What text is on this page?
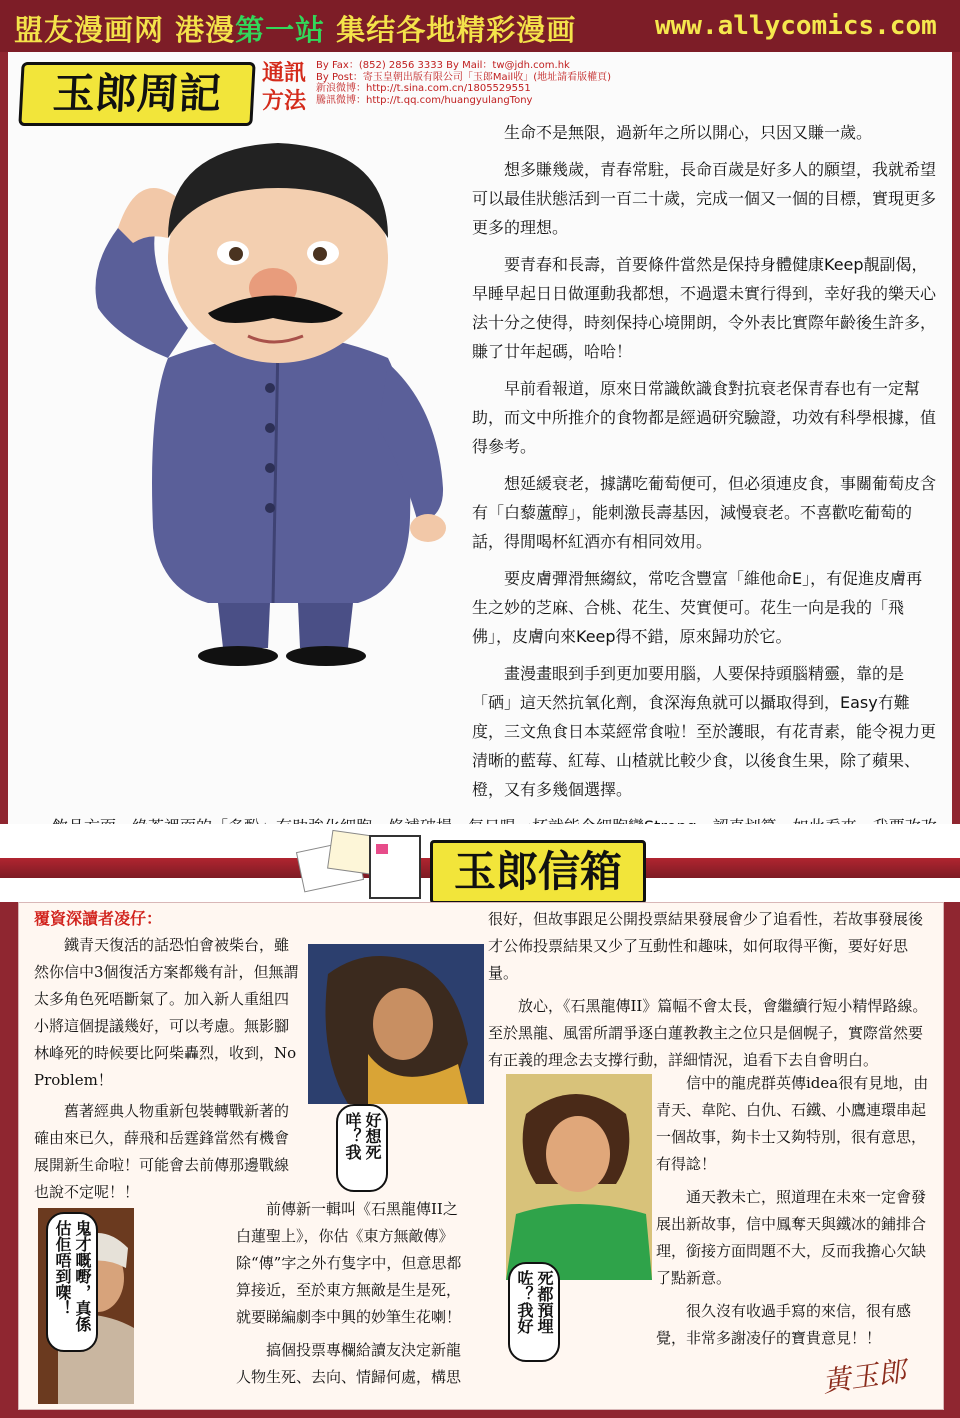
盟友漫画网 港漫第一站 集结各地精彩漫画	www.allycomics.com
玉郎周記	通訊方法
By Fax：(852) 2856 3333 By Mail：tw@jdh.com.hk
By Post：寄玉皇朝出版有限公司「玉郎Mail收」(地址請看版權頁)
新浪微博：http://t.sina.com.cn/1805529551
騰訊微博：http://t.qq.com/huangyulangTony

生命不是無限，過新年之所以開心，只因又賺一歲。

想多賺幾歲，青春常駐，長命百歲是好多人的願望，我就希望可以最佳狀態活到一百二十歲，完成一個又一個的目標，實現更多更多的理想。

要青春和長壽，首要條件當然是保持身體健康Keep靚副偈，早睡早起日日做運動我都想，不過還未實行得到，幸好我的樂天心法十分之使得，時刻保持心境開朗，令外表比實際年齡後生許多，賺了廿年起碼，哈哈！

早前看報道，原來日常識飲識食對抗衰老保青春也有一定幫助，而文中所推介的食物都是經過研究驗證，功效有科學根據，值得參考。

想延緩衰老，據講吃葡萄便可，但必須連皮食，事關葡萄皮含有「白藜蘆醇」，能刺激長壽基因，減慢衰老。不喜歡吃葡萄的話，得閒喝杯紅酒亦有相同效用。

要皮膚彈滑無縐紋，常吃含豐富「維他命E」，有促進皮膚再生之妙的芝麻、合桃、花生、芡實便可。花生一向是我的「飛佛」，皮膚向來Keep得不錯，原來歸功於它。

畫漫畫眼到手到更加要用腦，人要保持頭腦精靈，靠的是「硒」這天然抗氧化劑，食深海魚就可以攝取得到，Easy冇難度，三文魚食日本菜經常食啦！至於護眼，有花青素，能令視力更清晰的藍莓、紅莓、山楂就比較少食，以後食生果，除了蘋果、橙，又有多幾個選擇。

玉郎信箱
覆資深讀者凌仔：

鐵青天復活的話恐怕會被柴台，雖然你信中3個復活方案都幾有計，但無謂太多角色死唔斷氣了。加入新人重組四小將這個提議幾好，可以考慮。無影腳林峰死的時候要比阿柴轟烈，收到，No Problem！

舊著經典人物重新包裝轉戰新著的確由來已久，薛飛和岳霆鋒當然有機會展開新生命啦！可能會去前傳那邊戰線也說不定呢！！

前傳新一輯叫《石黑龍傳II之白蓮聖上》，你估《東方無敵傳》除“傳”字之外冇隻字中，但意思都算接近，至於東方無敵是生是死，就要睇編劇李中興的妙筆生花喇！

搞個投票專欄給讀友決定新龍人物生死、去向、情歸何處，構思

很好，但故事跟足公開投票結果發展會少了追看性，若故事發展後才公佈投票結果又少了互動性和趣味，如何取得平衡，要好好思量。

放心，《石黑龍傳II》篇幅不會太長，會繼續行短小精悍路線。至於黑龍、風雷所謂爭逐白蓮教教主之位只是個幌子，實際當然要有正義的理念去支撐行動，詳細情況，追看下去自會明白。

信中的龍虎群英傳idea很有見地，由青天、韋陀、白仇、石鐵、小鷹連環串起一個故事，夠卡士又夠特別，很有意思，有得諗！

通天教未亡，照道理在未來一定會發展出新故事，信中鳳奪天與鐵冰的鋪排合理，銜接方面問題不大，反而我擔心欠缺了點新意。

很久沒有收過手寫的來信，很有感覺，非常多謝凌仔的寶貴意見！！

好想死咩？我
鬼才嘅嘢，真係估佢唔到㗎！	死都預埋咗？我好
黃玉郎
